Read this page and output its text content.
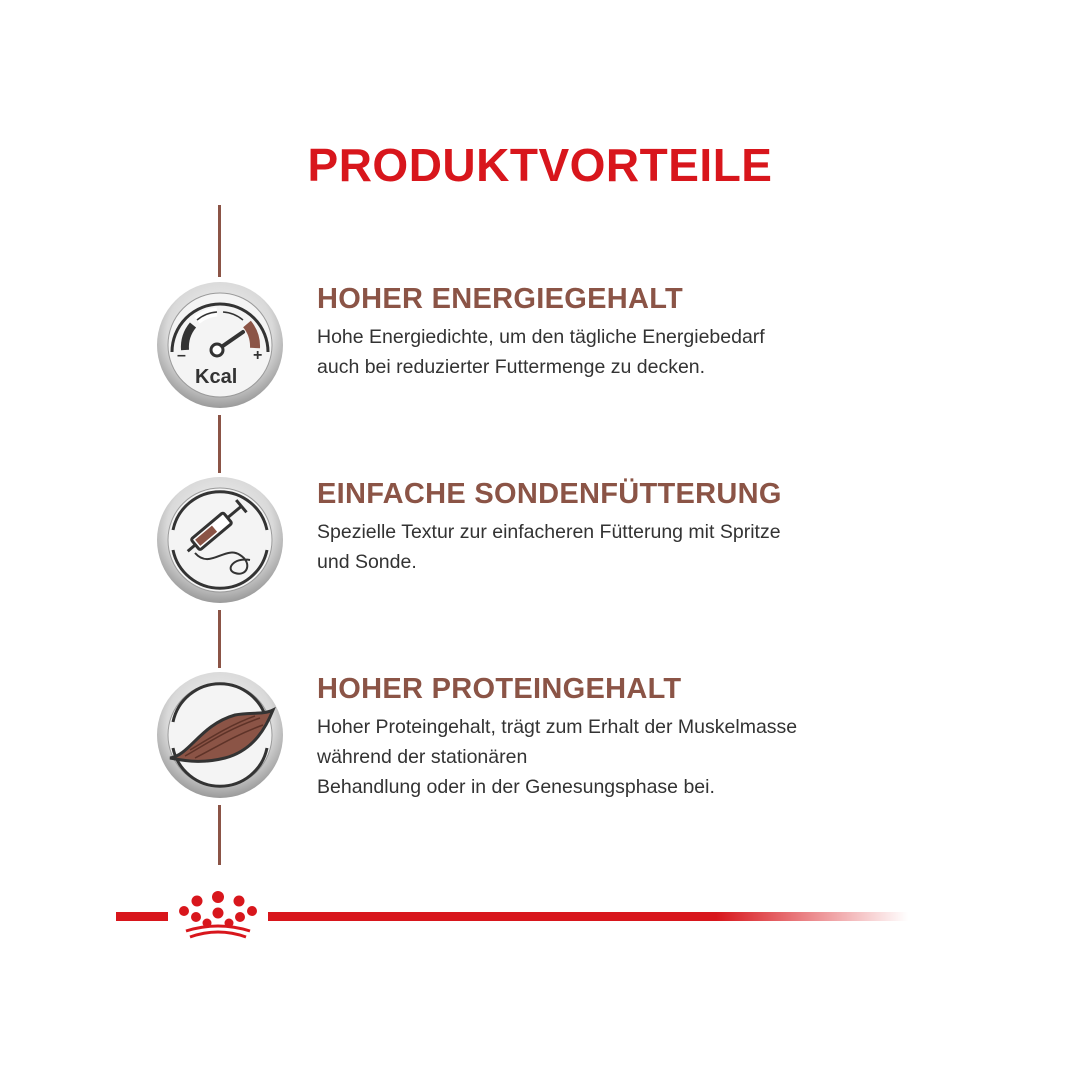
PRODUKTVORTEILE
–	+
Kcal
HOHER ENERGIEGEHALT

Hohe Energiedichte, um den tägliche Energiebedarf
auch bei reduzierter Futtermenge zu decken.

EINFACHE SONDENFÜTTERUNG

Spezielle Textur zur einfacheren Fütterung mit Spritze
und Sonde.

HOHER PROTEINGEHALT

Hoher Proteingehalt, trägt zum Erhalt der Muskelmasse
während der stationären
Behandlung oder in der Genesungsphase bei.
